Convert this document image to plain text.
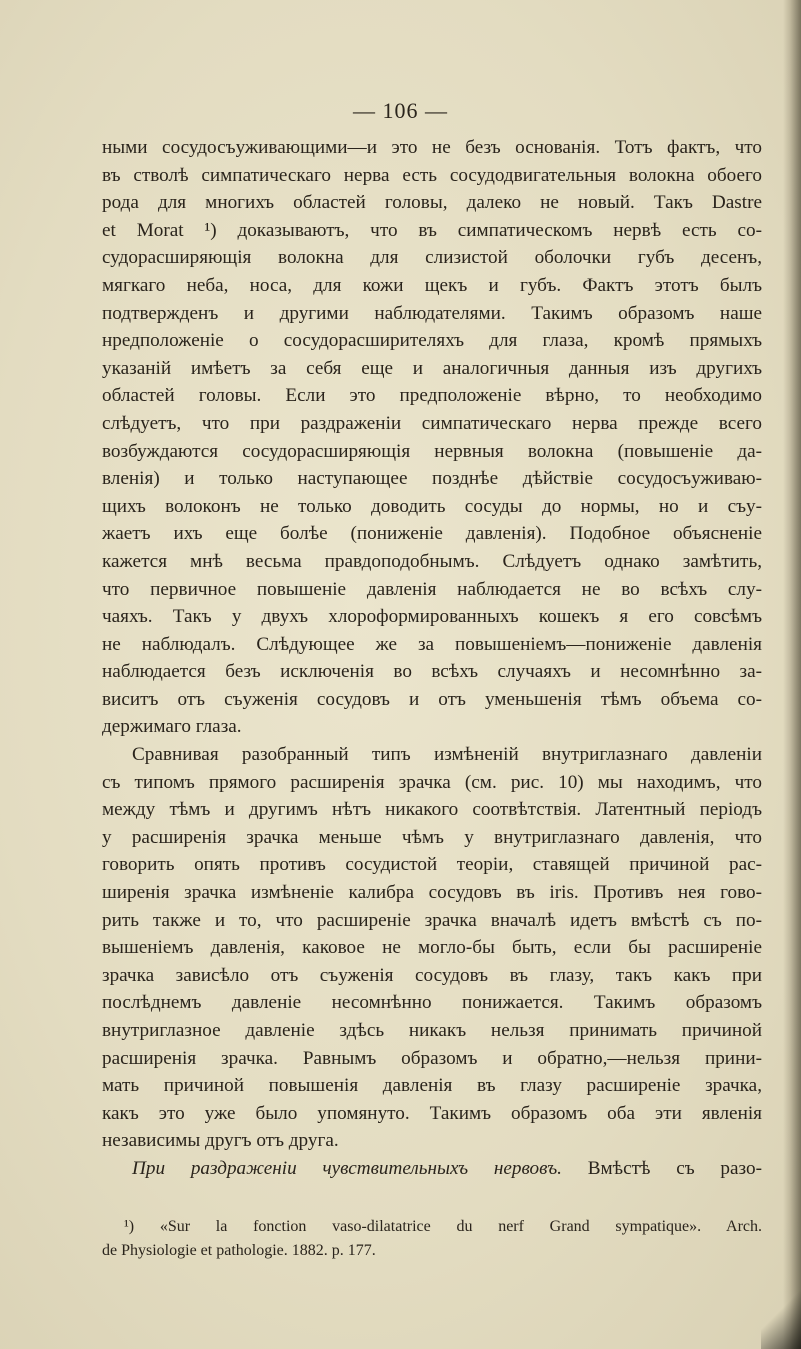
— 106 —
ными сосудосъуживающими—и это не безъ основанія. Тотъ фактъ, что
въ стволѣ симпатическаго нерва есть сосудодвигательныя волокна обоего
рода для многихъ областей головы, далеко не новый. Такъ Dastre
et Morat ¹) доказываютъ, что въ симпатическомъ нервѣ есть со-
судорасширяющія волокна для слизистой оболочки губъ десенъ,
мягкаго неба, носа, для кожи щекъ и губъ. Фактъ этотъ былъ
подтвержденъ и другими наблюдателями. Такимъ образомъ наше
нредположеніе о сосудорасширителяхъ для глаза, кромѣ прямыхъ
указаній имѣетъ за себя еще и аналогичныя данныя изъ другихъ
областей головы. Если это предположеніе вѣрно, то необходимо
слѣдуетъ, что при раздраженіи симпатическаго нерва прежде всего
возбуждаются сосудорасширяющія нервныя волокна (повышеніе да-
вленія) и только наступающее позднѣе дѣйствіе сосудосъуживаю-
щихъ волоконъ не только доводить сосуды до нормы, но и съу-
жаетъ ихъ еще болѣе (пониженіе давленія). Подобное объясненіе
кажется мнѣ весьма правдоподобнымъ. Слѣдуетъ однако замѣтить,
что первичное повышеніе давленія наблюдается не во всѣхъ слу-
чаяхъ. Такъ у двухъ хлороформированныхъ кошекъ я его совсѣмъ
не наблюдалъ. Слѣдующее же за повышеніемъ—пониженіе давленія
наблюдается безъ исключенія во всѣхъ случаяхъ и несомнѣнно за-
виситъ отъ съуженія сосудовъ и отъ уменьшенія тѣмъ объема со-
держимаго глаза.
Сравнивая разобранный типъ измѣненій внутриглазнаго давленіи
съ типомъ прямого расширенія зрачка (см. рис. 10) мы находимъ, что
между тѣмъ и другимъ нѣтъ никакого соотвѣтствія. Латентный періодъ
у расширенія зрачка меньше чѣмъ у внутриглазнаго давленія, что
говорить опять противъ сосудистой теоріи, ставящей причиной рас-
ширенія зрачка измѣненіе калибра сосудовъ въ iris. Противъ нея гово-
рить также и то, что расширеніе зрачка вначалѣ идетъ вмѣстѣ съ по-
вышеніемъ давленія, каковое не могло-бы быть, если бы расширеніе
зрачка зависѣло отъ съуженія сосудовъ въ глазу, такъ какъ при
послѣднемъ давленіе несомнѣнно понижается. Такимъ образомъ
внутриглазное давленіе здѣсь никакъ нельзя принимать причиной
расширенія зрачка. Равнымъ образомъ и обратно,—нельзя прини-
мать причиной повышенія давленія въ глазу расширеніе зрачка,
какъ это уже было упомянуто. Такимъ образомъ оба эти явленія
независимы другъ отъ друга.
При раздраженіи чувствительныхъ нервовъ. Вмѣстѣ съ разо-
¹) «Sur la fonction vaso-dilatatrice du nerf Grand sympatique». Arch.
de Physiologie et pathologie. 1882. p. 177.
